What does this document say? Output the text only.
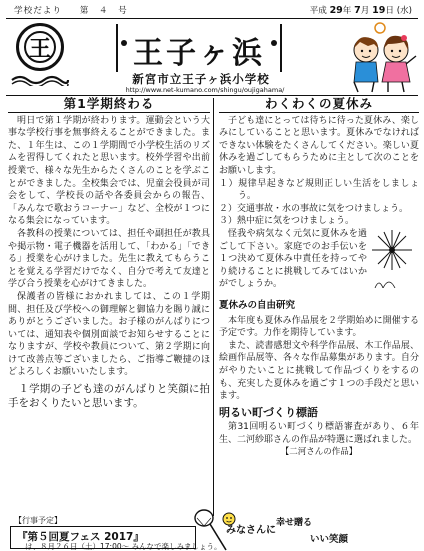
学校だより 第　４　号	平成 29年 7月 19日 (水)
王	王子ヶ浜
新宮市立王子ヶ浜小学校
http://www.net-kumano.com/shingu/oujigahama/
第1学期終わる
明日で第１学期が終わります。運動会という大事な学校行事を無事終えることができました。また、１年生は、この１学期間で小学校生活のリズムを習得してくれたと思います。校外学習や出前授業で、様々な先生からたくさんのことを学ぶことができました。全校集会では、児童会役員が司会をして、学校長の話や各委員会からの報告、「みんなで歌おうコーナー」など、全校が１つになる集会になっています。
各教科の授業については、担任や副担任が教具や掲示物・電子機器を活用して、「わかる」「できる」授業を心がけました。先生に教えてもらうことを覚える学習だけでなく、自分で考えて友達と学び合う授業を心がけてきました。
保護者の皆様におかれましては、この１学期間、担任及び学校への御理解と御協力を賜り誠にありがとうございました。お子様のがんばりについては、通知表や個別面談でお知らせすることになりますが、学校や教員について、第２学期に向けて改善点等ございましたら、ご指導ご鞭撻のほどよろしくお願いいたします。
１学期の子ども達のがんばりと笑顔に拍手をおくりたいと思います。
わくわくの夏休み
子ども達にとっては待ちに待った夏休み、楽しみにしていることと思います。夏休みでなければできない体験をたくさんしてください。楽しい夏休みを過ごしてもらうために主として次のことをお願いします。
１）規律早起きなど規則正しい生活をしましょう。
２）交通事故・水の事故に気をつけましょう。
３）熱中症に気をつけましょう。
怪我や病気なく元気に夏休みを過ごして下さい。家庭でのお手伝いを１つ決めて夏休み中責任を持ってやり続けることに挑戦してみてはいかがでしょうか。
夏休みの自由研究
本年度も夏休み作品展を２学期始めに開催する予定です。力作を期待しています。
また、読書感想文や科学作品展、木工作品展、絵画作品展等、各々な作品募集があります。自分がやりたいことに挑戦して作品づくりをするのも、充実した夏休みを過ごす１つの手段だと思います。
明るい町づくり標語
第31回明るい町づくり標語審査があり、６年生、二河紗耶さんの作品が特選に選ばれました。
【二河さんの作品】
【行事予定】
『第５回夏フェス 2017』
は、８月２６日（土）17:00～ みんなで楽しみましょう。
みなさんに
幸せ贈る
いい笑顔
